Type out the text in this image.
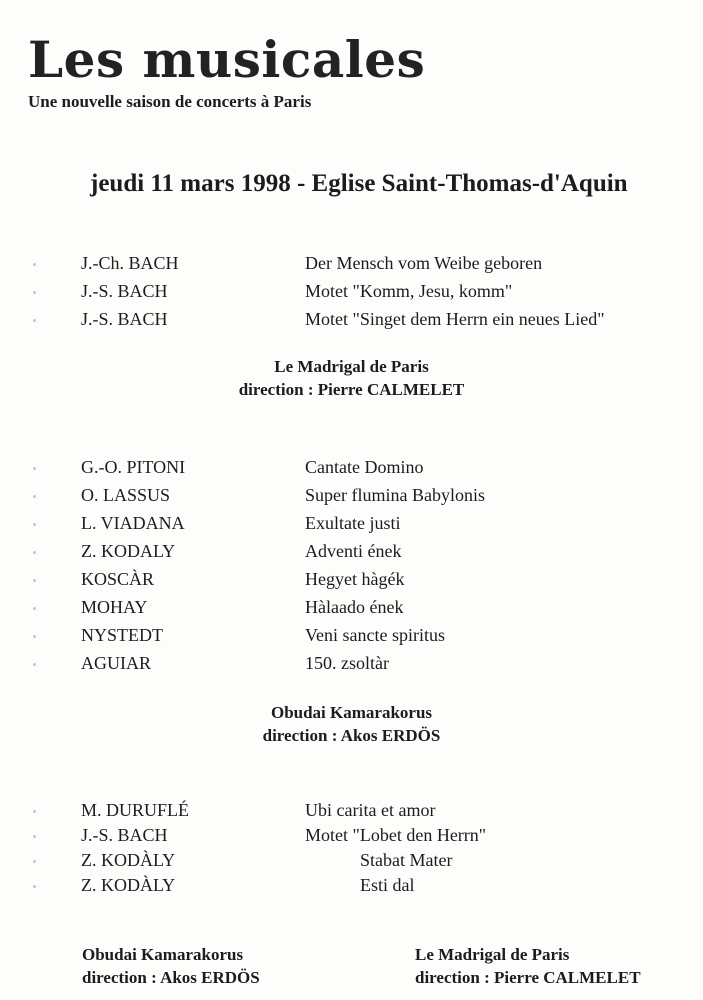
Les musicales
Une nouvelle saison de concerts à Paris
jeudi 11 mars 1998 - Eglise Saint-Thomas-d'Aquin
J.-Ch. BACH	Der Mensch vom Weibe geboren
J.-S. BACH	Motet "Komm, Jesu, komm"
J.-S. BACH	Motet "Singet dem Herrn ein neues Lied"
Le Madrigal de Paris
direction : Pierre CALMELET
G.-O. PITONI	Cantate Domino
O. LASSUS	Super flumina Babylonis
L. VIADANA	Exultate justi
Z. KODALY	Adventi ének
KOSCÀR	Hegyet hàgék
MOHAY	Hàlaado ének
NYSTEDT	Veni sancte spiritus
AGUIAR	150. zsoltàr
Obudai Kamarakorus
direction : Akos ERDÖS
M. DURUFLÉ	Ubi carita et amor
J.-S. BACH	Motet "Lobet den Herrn"
Z. KODÀLY	Stabat Mater
Z. KODÀLY	Esti dal
Obudai Kamarakorus
direction : Akos ERDÖS
Le Madrigal de Paris
direction : Pierre CALMELET
